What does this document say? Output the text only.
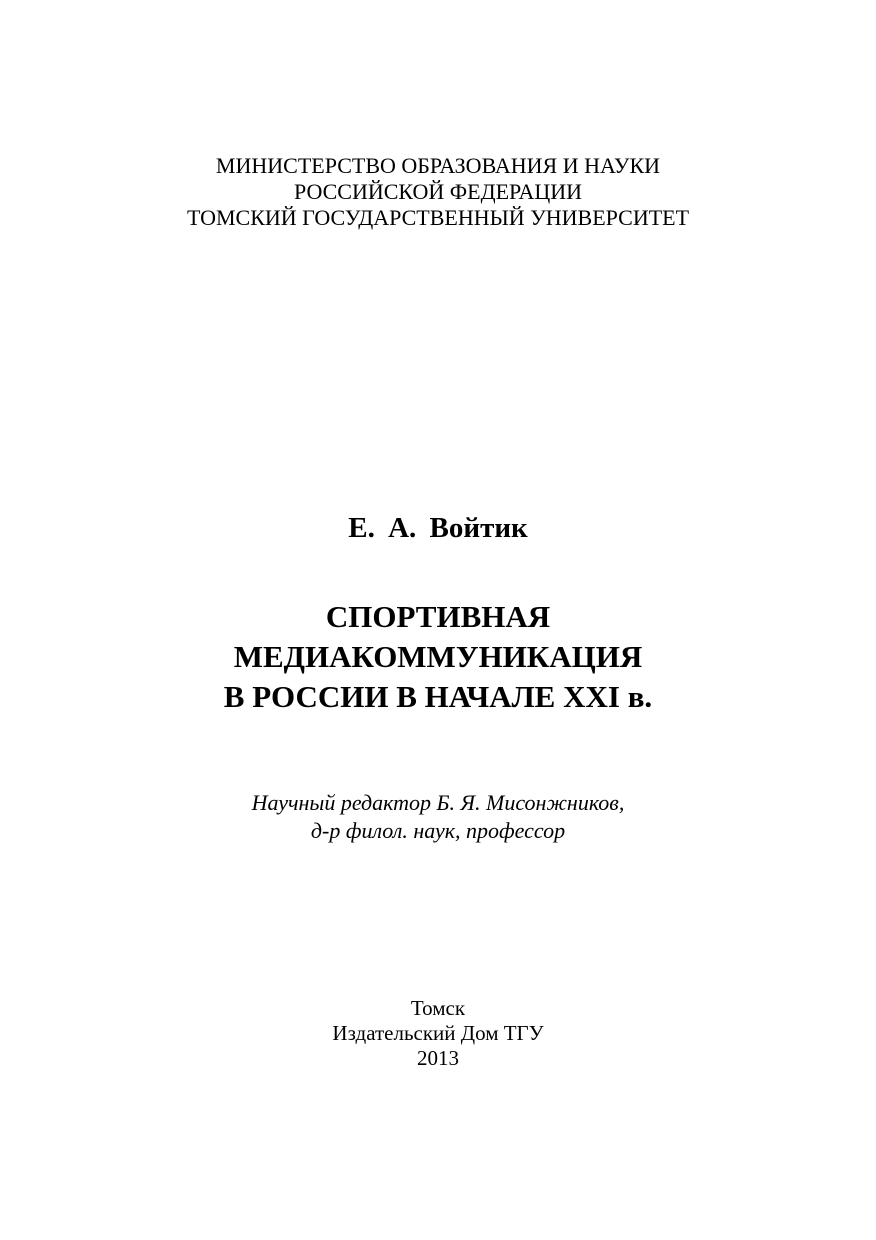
МИНИСТЕРСТВО ОБРАЗОВАНИЯ И НАУКИ
РОССИЙСКОЙ ФЕДЕРАЦИИ
ТОМСКИЙ ГОСУДАРСТВЕННЫЙ УНИВЕРСИТЕТ
Е. А. Войтик
СПОРТИВНАЯ
МЕДИАКОММУНИКАЦИЯ
В РОССИИ В НАЧАЛЕ XXI в.
Научный редактор Б. Я. Мисонжников,
д-р филол. наук, профессор
Томск
Издательский Дом ТГУ
2013
